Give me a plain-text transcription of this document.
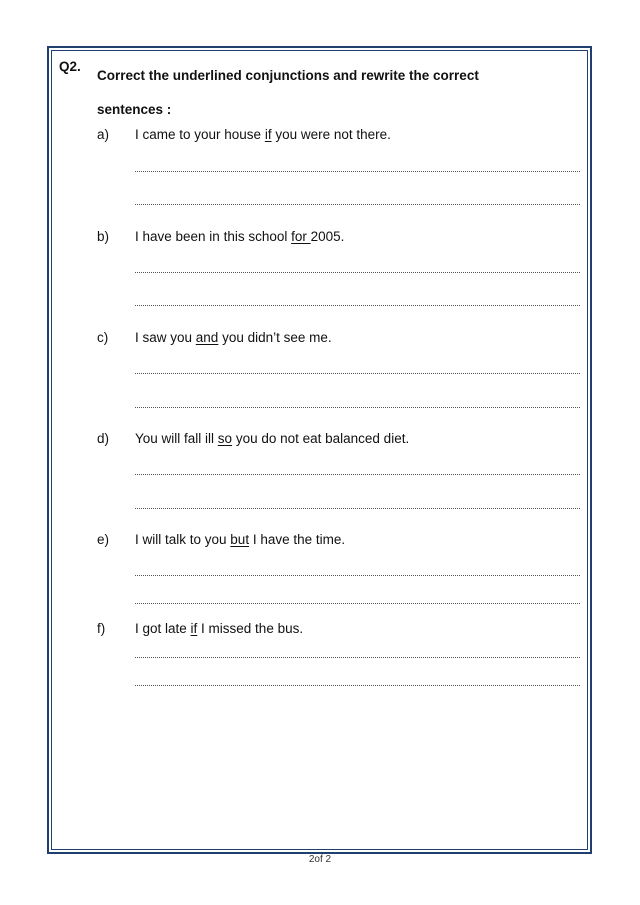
Q2.
Correct the underlined conjunctions and rewrite the correct
sentences :
a) I came to your house if you were not there.
b) I have been in this school for 2005.
c) I saw you and you didn’t see me.
d) You will fall ill so you do not eat balanced diet.
e) I will talk to you but I have the time.
f) I got late if I missed the bus.
2of 2
